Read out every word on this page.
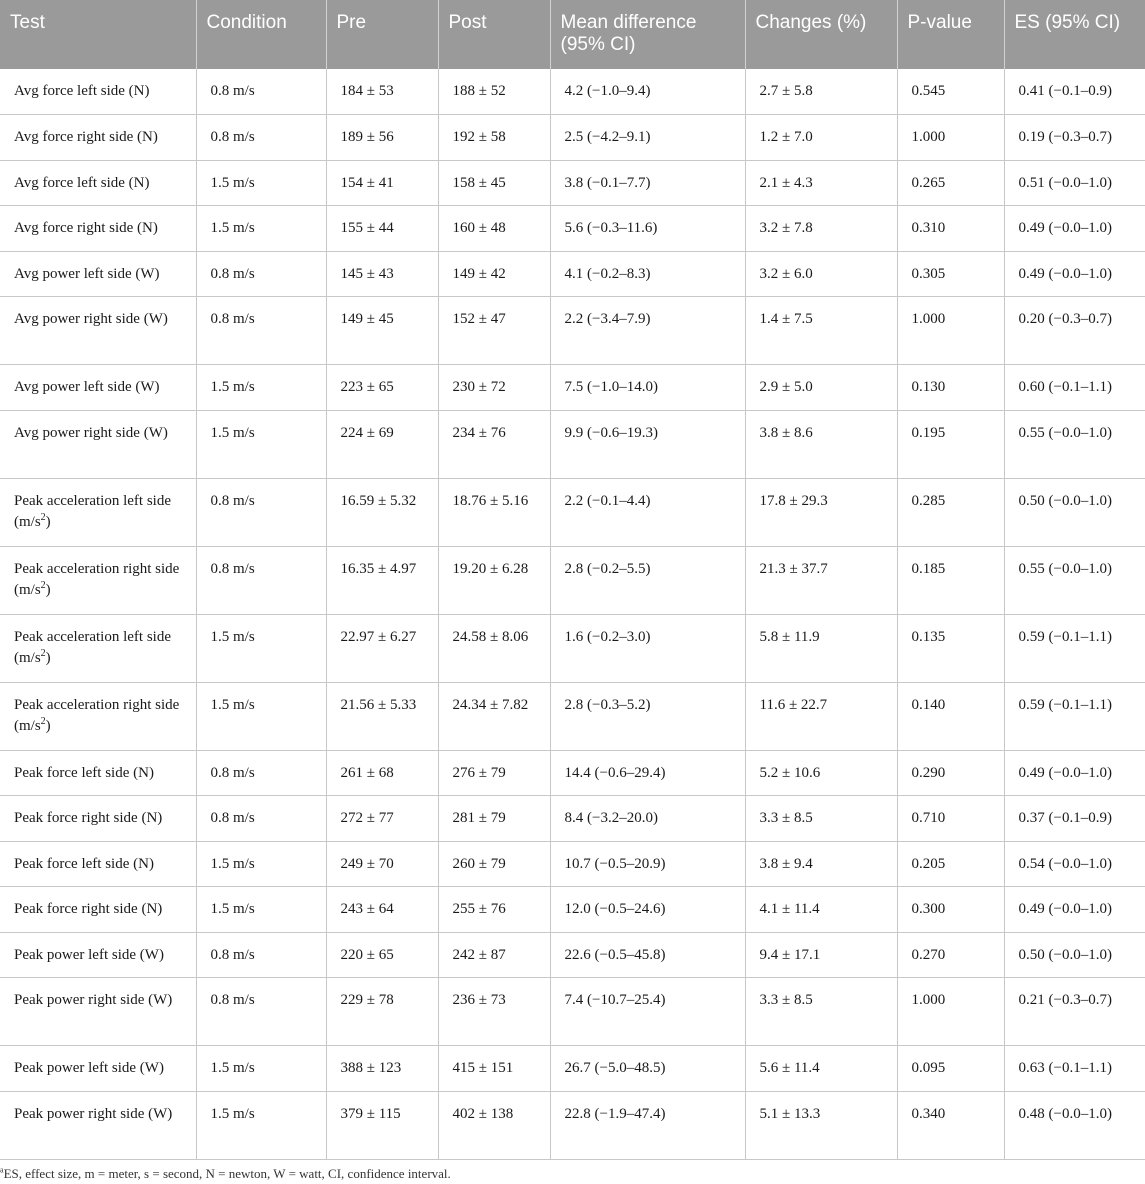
Test	Condition	Pre	Post	Mean difference (95% CI)	Changes (%)	P-value	ES (95% CI)
Avg force left side (N)	0.8 m/s	184 ± 53	188 ± 52	4.2 (−1.0–9.4)	2.7 ± 5.8	0.545	0.41 (−0.1–0.9)
Avg force right side (N)	0.8 m/s	189 ± 56	192 ± 58	2.5 (−4.2–9.1)	1.2 ± 7.0	1.000	0.19 (−0.3–0.7)
Avg force left side (N)	1.5 m/s	154 ± 41	158 ± 45	3.8 (−0.1–7.7)	2.1 ± 4.3	0.265	0.51 (−0.0–1.0)
Avg force right side (N)	1.5 m/s	155 ± 44	160 ± 48	5.6 (−0.3–11.6)	3.2 ± 7.8	0.310	0.49 (−0.0–1.0)
Avg power left side (W)	0.8 m/s	145 ± 43	149 ± 42	4.1 (−0.2–8.3)	3.2 ± 6.0	0.305	0.49 (−0.0–1.0)
Avg power right side (W)	0.8 m/s	149 ± 45	152 ± 47	2.2 (−3.4–7.9)	1.4 ± 7.5	1.000	0.20 (−0.3–0.7)
Avg power left side (W)	1.5 m/s	223 ± 65	230 ± 72	7.5 (−1.0–14.0)	2.9 ± 5.0	0.130	0.60 (−0.1–1.1)
Avg power right side (W)	1.5 m/s	224 ± 69	234 ± 76	9.9 (−0.6–19.3)	3.8 ± 8.6	0.195	0.55 (−0.0–1.0)
Peak acceleration left side $(m/s^2)$	0.8 m/s	16.59 ± 5.32	18.76 ± 5.16	2.2 (−0.1–4.4)	17.8 ± 29.3	0.285	0.50 (−0.0–1.0)
Peak acceleration right side $(m/s^2)$	0.8 m/s	16.35 ± 4.97	19.20 ± 6.28	2.8 (−0.2–5.5)	21.3 ± 37.7	0.185	0.55 (−0.0–1.0)
Peak acceleration left side $(m/s^2)$	1.5 m/s	22.97 ± 6.27	24.58 ± 8.06	1.6 (−0.2–3.0)	5.8 ± 11.9	0.135	0.59 (−0.1–1.1)
Peak acceleration right side $(m/s^2)$	1.5 m/s	21.56 ± 5.33	24.34 ± 7.82	2.8 (−0.3–5.2)	11.6 ± 22.7	0.140	0.59 (−0.1–1.1)
Peak force left side (N)	0.8 m/s	261 ± 68	276 ± 79	14.4 (−0.6–29.4)	5.2 ± 10.6	0.290	0.49 (−0.0–1.0)
Peak force right side (N)	0.8 m/s	272 ± 77	281 ± 79	8.4 (−3.2–20.0)	3.3 ± 8.5	0.710	0.37 (−0.1–0.9)
Peak force left side (N)	1.5 m/s	249 ± 70	260 ± 79	10.7 (−0.5–20.9)	3.8 ± 9.4	0.205	0.54 (−0.0–1.0)
Peak force right side (N)	1.5 m/s	243 ± 64	255 ± 76	12.0 (−0.5–24.6)	4.1 ± 11.4	0.300	0.49 (−0.0–1.0)
Peak power left side (W)	0.8 m/s	220 ± 65	242 ± 87	22.6 (−0.5–45.8)	9.4 ± 17.1	0.270	0.50 (−0.0–1.0)
Peak power right side (W)	0.8 m/s	229 ± 78	236 ± 73	7.4 (−10.7–25.4)	3.3 ± 8.5	1.000	0.21 (−0.3–0.7)
Peak power left side (W)	1.5 m/s	388 ± 123	415 ± 151	26.7 (−5.0–48.5)	5.6 ± 11.4	0.095	0.63 (−0.1–1.1)
Peak power right side (W)	1.5 m/s	379 ± 115	402 ± 138	22.8 (−1.9–47.4)	5.1 ± 13.3	0.340	0.48 (−0.0–1.0)
$^a$ES, effect size, m = meter, s = second, N = newton, W = watt, CI, confidence interval.
